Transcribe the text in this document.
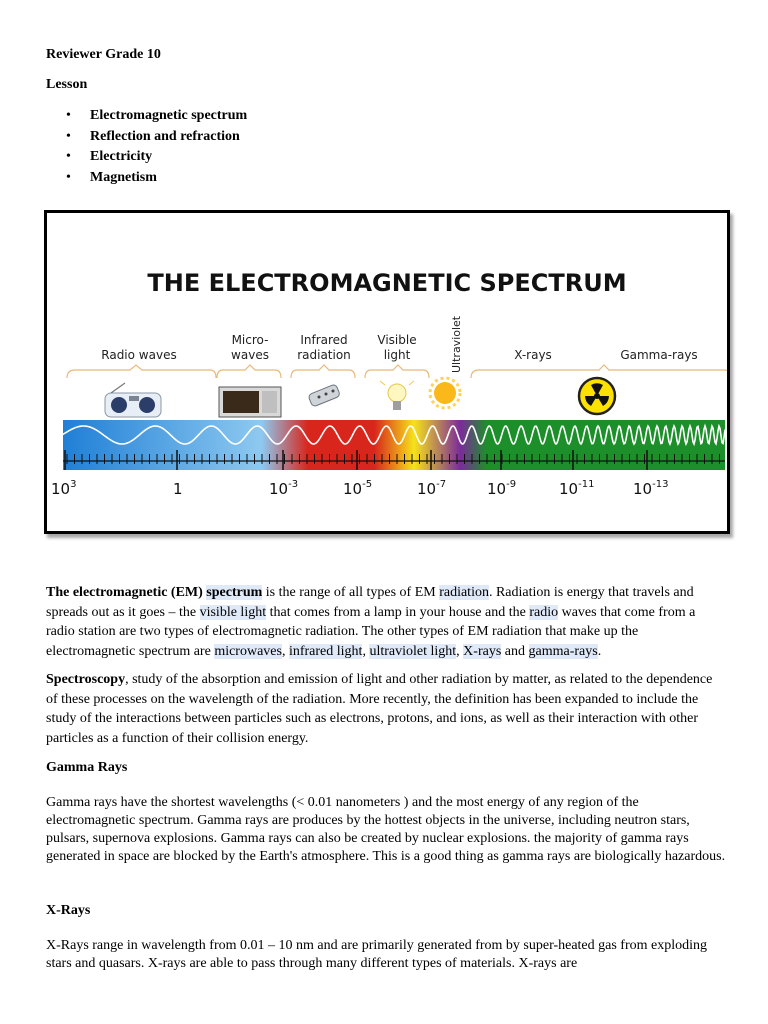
Reviewer Grade 10
Lesson
• Electromagnetic spectrum
• Reflection and refraction
• Electricity
• Magnetism
THE ELECTROMAGNETIC SPECTRUM
Radio waves
Micro-
waves
Infrared
radiation
Visible
light	X-rays	Gamma-rays
Ultraviolet
$10^3$	1	$10^{-3}$	$10^{-5}$	$10^{-7}$	$10^{-9}$	$10^{-11}$	$10^{-13}$

The electromagnetic (EM) spectrum is the range of all types of EM radiation. Radiation is energy that travels and spreads out as it goes – the visible light that comes from a lamp in your house and the radio waves that come from a radio station are two types of electromagnetic radiation. The other types of EM radiation that make up the electromagnetic spectrum are microwaves, infrared light, ultraviolet light, X-rays and gamma-rays.

Spectroscopy, study of the absorption and emission of light and other radiation by matter, as related to the dependence of these processes on the wavelength of the radiation. More recently, the definition has been expanded to include the study of the interactions between particles such as electrons, protons, and ions, as well as their interaction with other particles as a function of their collision energy.

Gamma Rays

Gamma rays have the shortest wavelengths (< 0.01 nanometers ) and the most energy of any region of the electromagnetic spectrum. Gamma rays are produces by the hottest objects in the universe, including neutron stars, pulsars, supernova explosions. Gamma rays can also be created by nuclear explosions. the majority of gamma rays generated in space are blocked by the Earth's atmosphere. This is a good thing as gamma rays are biologically hazardous.

X-Rays

X-Rays range in wavelength from 0.01 – 10 nm and are primarily generated from by super-heated gas from exploding stars and quasars. X-rays are able to pass through many different types of materials. X-rays are
